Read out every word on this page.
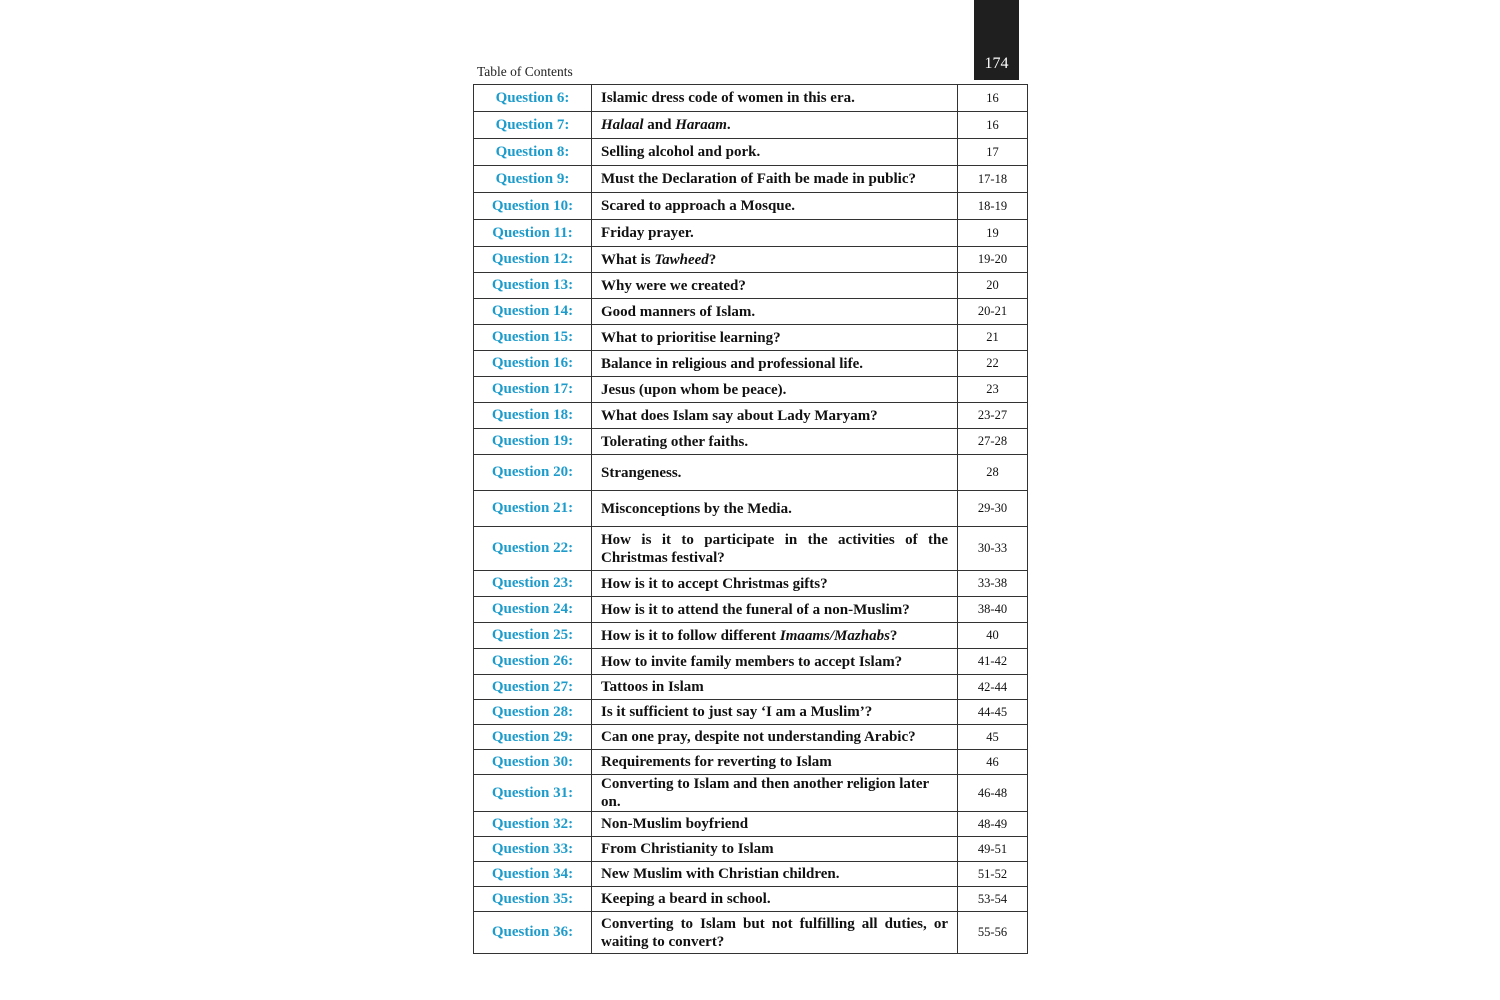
174
Table of Contents
Question 6:	Islamic dress code of women in this era.	16
Question 7:	Halaal and Haraam.	16
Question 8:	Selling alcohol and pork.	17
Question 9:	Must the Declaration of Faith be made in public?	17-18
Question 10:	Scared to approach a Mosque.	18-19
Question 11:	Friday prayer.	19
Question 12:	What is Tawheed?	19-20
Question 13:	Why were we created?	20
Question 14:	Good manners of Islam.	20-21
Question 15:	What to prioritise learning?	21
Question 16:	Balance in religious and professional life.	22
Question 17:	Jesus (upon whom be peace).	23
Question 18:	What does Islam say about Lady Maryam?	23-27
Question 19:	Tolerating other faiths.	27-28
Question 20:	Strangeness.	28
Question 21:	Misconceptions by the Media.	29-30
Question 22:	How is it to participate in the activities of the Christmas festival?	30-33
Question 23:	How is it to accept Christmas gifts?	33-38
Question 24:	How is it to attend the funeral of a non-Muslim?	38-40
Question 25:	How is it to follow different Imaams/Mazhabs?	40
Question 26:	How to invite family members to accept Islam?	41-42
Question 27:	Tattoos in Islam	42-44
Question 28:	Is it sufficient to just say ‘I am a Muslim’?	44-45
Question 29:	Can one pray, despite not understanding Arabic?	45
Question 30:	Requirements for reverting to Islam	46
Question 31:	Converting to Islam and then another religion later on.	46-48
Question 32:	Non-Muslim boyfriend	48-49
Question 33:	From Christianity to Islam	49-51
Question 34:	New Muslim with Christian children.	51-52
Question 35:	Keeping a beard in school.	53-54
Question 36:	Converting to Islam but not fulfilling all duties, or waiting to convert?	55-56
